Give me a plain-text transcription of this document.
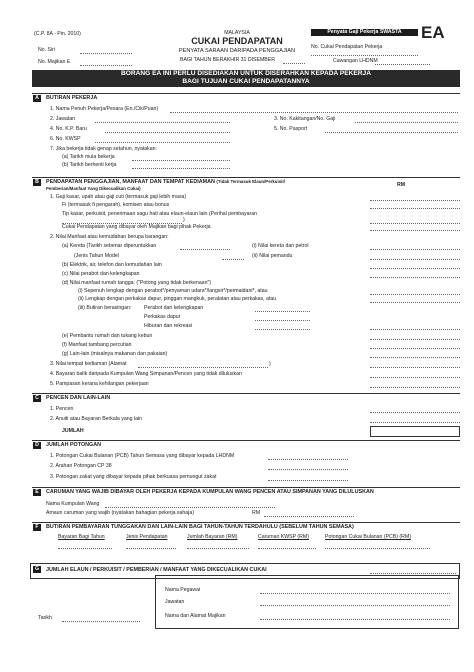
(C.P. 8A - Pin. 2010)	MALAYSIA
CUKAI PENDAPATAN
PENYATA SARAAN DARIPADA PENGGAJIAN
BAGI TAHUN BERAKHIR 31 DISEMBER
Penyata Gaji Pekerja SWASTA	EA
No. Siri
No. Majikan E
No. Cukai Pendapatan Pekerja
Cawangan LHDNM
BORANG EA INI PERLU DISEDIAKAN UNTUK DISERAHKAN KEPADA PEKERJA
BAGI TUJUAN CUKAI PENDAPATANNYA
A	BUTIRAN PEKERJA
1. Nama Penuh Pekerja/Pesara (En./Cik/Puan)
2. Jawatan	3. No. Kakitangan/No. Gaji
4. No. K.P. Baru	5. No. Pasport
6. No. KWSP
7. Jika bekerja tidak genap setahun, nyatakan:
(a) Tarikh mula bekerja
(b) Tarikh berhenti kerja
B	PENDAPATAN PENGGAJIAN, MANFAAT DAN TEMPAT KEDIAMAN (Tidak Termasuk Elaun/Perkuisit/
Pemberian/Manfaat Yang Dikecualikan Cukai)
RM
1. Gaji kasar, upah atau gaji cuti (termasuk gaji lebih masa)
Fi (termasuk fi pengarah), komisen atau bonus
Tip kasar, perkuisit, penerimaan sagu hati atau elaun-elaun lain (Perihal pembayaran
)
Cukai Pendapatan yang dibayar oleh Majikan bagi pihak Pekerja
2. Nilai Manfaat atau kemudahan berupa barangan:
(a) Kereta (Tarikh sebenar diperuntukkan	(i) Nilai kereta dan petrol
(Jenis Tahun Model	(ii) Nilai pemandu
(b) Elektrik, air, telefon dan kemudahan lain
(c) Nilai perabot dan kelengkapan
(d) Nilai manfaat rumah tangga: ("Potong yang tidak berkenaan")
(i) Sepenuh lengkap dengan perabot*/penyaman udara*/langsir*/permaidani*, atau
(ii) Lengkap dengan perkakas dapur, pinggan mangkuk, peralatan atau perkakas, atau
(iii) Butiran berasingan: Perabot dan kelengkapan
Perkakas dapur
Hiburan dan rekreasi
(e) Pembantu rumah dan tukang kebun
(f) Manfaat tambang percutian
(g) Lain-lain (misalnya makanan dan pakaian)
3. Nilai tempat kediaman (Alamat	)
4. Bayaran balik daripada Kumpulan Wang Simpanan/Pencen yang tidak diluluskan
5. Pampasan kerana kehilangan pekerjaan
C	PENCEN DAN LAIN-LAIN
1. Pencen
2. Anuiti atau Bayaran Berkala yang lain
JUMLAH
D	JUMLAH POTONGAN
1. Potongan Cukai Bulanan (PCB) Tahun Semasa yang dibayar kepada LHDNM
2. Arahan Potongan CP 38
3. Potongan zakat yang dibayar kepada pihak berkuasa pemungut zakat
E	CARUMAN YANG WAJIB DIBAYAR OLEH PEKERJA KEPADA KUMPULAN WANG PENCEN ATAU SIMPANAN YANG DILULUSKAN
Nama Kumpulan Wang
Amaun caruman yang wajib (nyatakan bahagian pekerja sahaja)	RM
F	BUTIRAN PEMBAYARAN TUNGGAKAN DAN LAIN-LAIN BAGI TAHUN-TAHUN TERDAHULU (SEBELUM TAHUN SEMASA)
Bayaran Bagi Tahun	Jenis Pendapatan	Jumlah Bayaran (RM)	Caruman KWSP (RM)	Potongan Cukai Bulanan (PCB) (RM)
G	JUMLAH ELAUN / PERKUISIT / PEMBERIAN / MANFAAT YANG DIKECUALIKAN CUKAI
Nama Pegawai
Jawatan
Nama dan Alamat Majikan
Tarikh
